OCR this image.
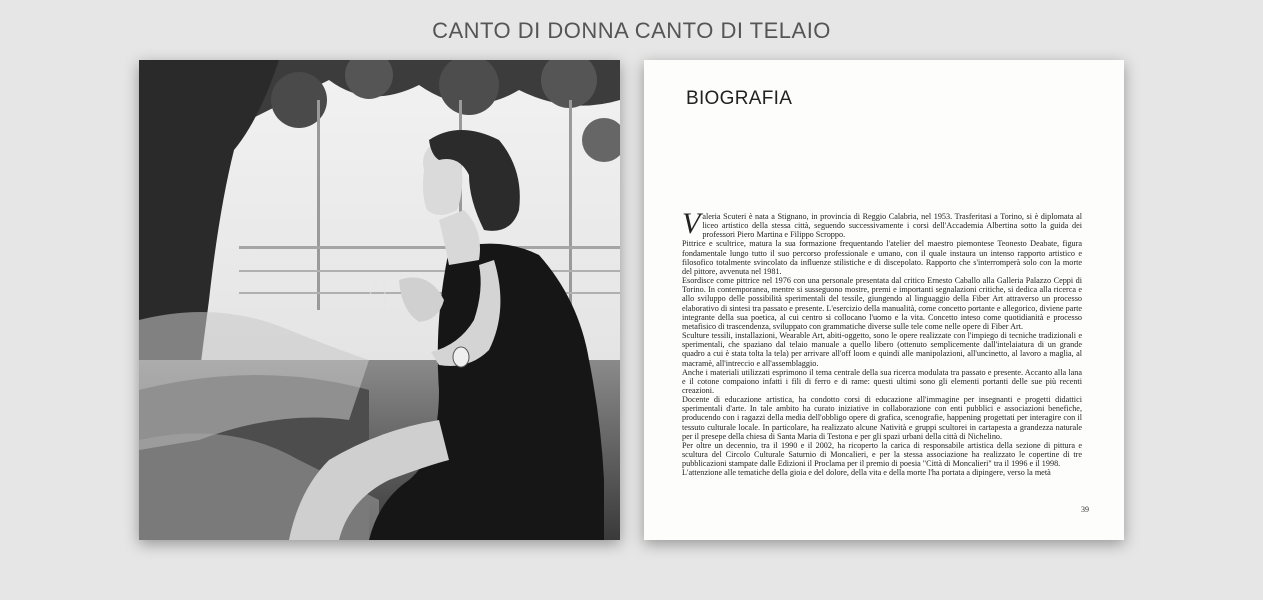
CANTO DI DONNA CANTO DI TELAIO
BIOGRAFIA

Valeria Scuteri è nata a Stignano, in provincia di Reggio Calabria, nel 1953. Trasferitasi a Torino, si è diplomata al liceo artistico della stessa città, seguendo successivamente i corsi dell'Accademia Albertina sotto la guida dei professori Piero Martina e Filippo Scroppo.

Pittrice e scultrice, matura la sua formazione frequentando l'atelier del maestro piemontese Teonesto Deabate, figura fondamentale lungo tutto il suo percorso professionale e umano, con il quale instaura un intenso rapporto artistico e filosofico totalmente svincolato da influenze stilistiche e di discepolato. Rapporto che s'interromperà solo con la morte del pittore, avvenuta nel 1981.

Esordisce come pittrice nel 1976 con una personale presentata dal critico Ernesto Caballo alla Galleria Palazzo Ceppi di Torino. In contemporanea, mentre si susseguono mostre, premi e importanti segnalazioni critiche, si dedica alla ricerca e allo sviluppo delle possibilità sperimentali del tessile, giungendo al linguaggio della Fiber Art attraverso un processo elaborativo di sintesi tra passato e presente. L'esercizio della manualità, come concetto portante e allegorico, diviene parte integrante della sua poetica, al cui centro si collocano l'uomo e la vita. Concetto inteso come quotidianità e processo metafisico di trascendenza, sviluppato con grammatiche diverse sulle tele come nelle opere di Fiber Art.

Sculture tessili, installazioni, Wearable Art, abiti-oggetto, sono le opere realizzate con l'impiego di tecniche tradizionali e sperimentali, che spaziano dal telaio manuale a quello libero (ottenuto semplicemente dall'intelaiatura di un grande quadro a cui è stata tolta la tela) per arrivare all'off loom e quindi alle manipolazioni, all'uncinetto, al lavoro a maglia, al macramè, all'intreccio e all'assemblaggio.

Anche i materiali utilizzati esprimono il tema centrale della sua ricerca modulata tra passato e presente. Accanto alla lana e il cotone compaiono infatti i fili di ferro e di rame: questi ultimi sono gli elementi portanti delle sue più recenti creazioni.

Docente di educazione artistica, ha condotto corsi di educazione all'immagine per insegnanti e progetti didattici sperimentali d'arte. In tale ambito ha curato iniziative in collaborazione con enti pubblici e associazioni benefiche, producendo con i ragazzi della media dell'obbligo opere di grafica, scenografie, happening progettati per interagire con il tessuto culturale locale. In particolare, ha realizzato alcune Natività e gruppi scultorei in cartapesta a grandezza naturale per il presepe della chiesa di Santa Maria di Testona e per gli spazi urbani della città di Nichelino.

Per oltre un decennio, tra il 1990 e il 2002, ha ricoperto la carica di responsabile artistica della sezione di pittura e scultura del Circolo Culturale Saturnio di Moncalieri, e per la stessa associazione ha realizzato le copertine di tre pubblicazioni stampate dalle Edizioni il Proclama per il premio di poesia "Città di Moncalieri" tra il 1996 e il 1998.

L'attenzione alle tematiche della gioia e del dolore, della vita e della morte l'ha portata a dipingere, verso la metà

39
